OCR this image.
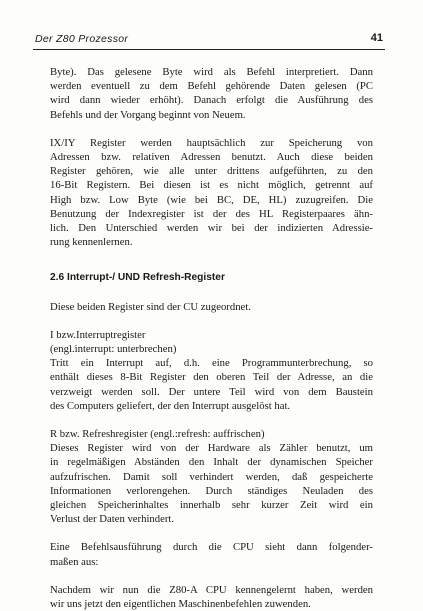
Der Z80 Prozessor	41

Byte). Das gelesene Byte wird als Befehl interpretiert. Dann
werden eventuell zu dem Befehl gehörende Daten gelesen (PC
wird dann wieder erhöht). Danach erfolgt die Ausführung des
Befehls und der Vorgang beginnt von Neuem.

IX/IY Register werden hauptsächlich zur Speicherung von
Adressen bzw. relativen Adressen benutzt. Auch diese beiden
Register gehören, wie alle unter drittens aufgeführten, zu den
16-Bit Registern. Bei diesen ist es nicht möglich, getrennt auf
High bzw. Low Byte (wie bei BC, DE, HL) zuzugreifen. Die
Benutzung der Indexregister ist der des HL Registerpaares ähn-
lich. Den Unterschied werden wir bei der indizierten Adressie-
rung kennenlernen.

2.6 Interrupt-/ UND Refresh-Register

Diese beiden Register sind der CU zugeordnet.

I bzw.Interruptregister
(engl.interrupt: unterbrechen)
Tritt ein Interrupt auf, d.h. eine Programmunterbrechung, so
enthält dieses 8-Bit Register den oberen Teil der Adresse, an die
verzweigt werden soll. Der untere Teil wird von dem Baustein
des Computers geliefert, der den Interrupt ausgelöst hat.

R bzw. Refreshregister (engl.:refresh: auffrischen)
Dieses Register wird von der Hardware als Zähler benutzt, um
in regelmäßigen Abständen den Inhalt der dynamischen Speicher
aufzufrischen. Damit soll verhindert werden, daß gespeicherte
Informationen verlorengehen. Durch ständiges Neuladen des
gleichen Speicherinhaltes innerhalb sehr kurzer Zeit wird ein
Verlust der Daten verhindert.

Eine Befehlsausführung durch die CPU sieht dann folgender-
maßen aus:

Nachdem wir nun die Z80-A CPU kennengelernt haben, werden
wir uns jetzt den eigentlichen Maschinenbefehlen zuwenden.
